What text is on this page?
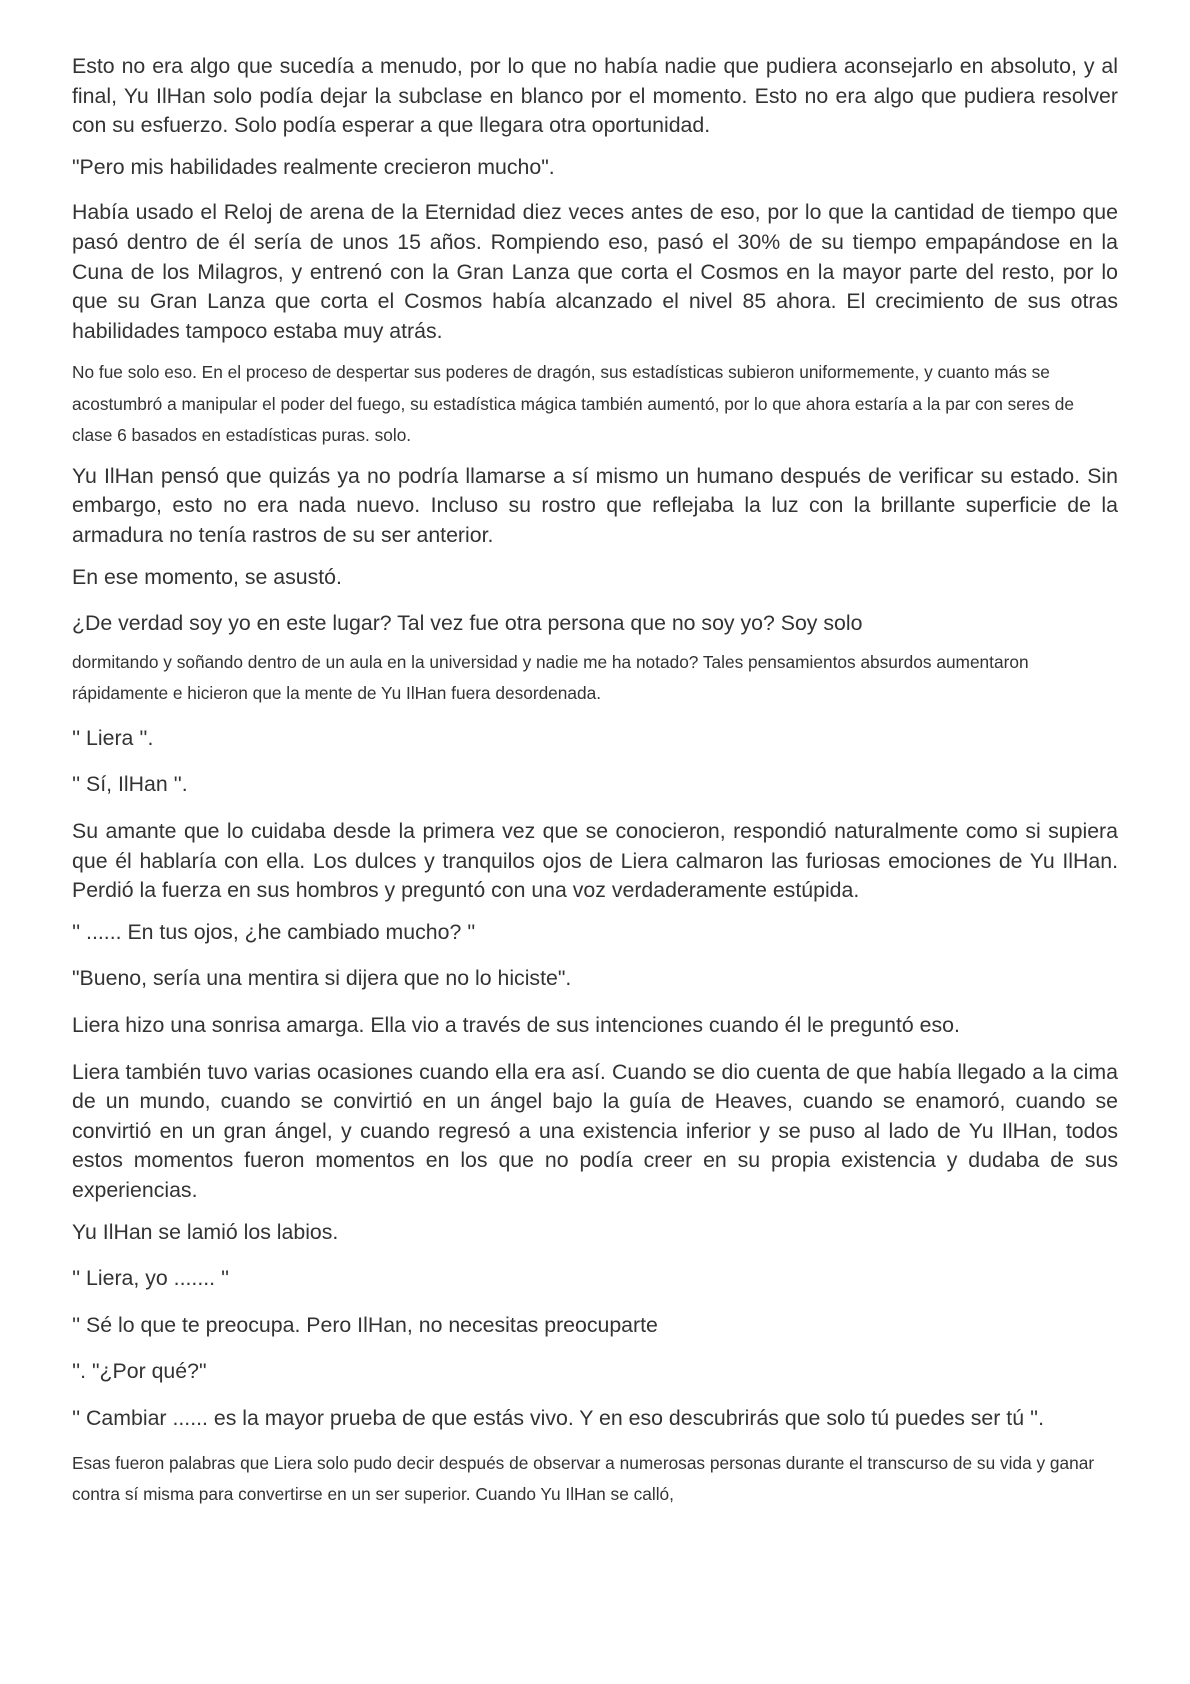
Esto no era algo que sucedía a menudo, por lo que no había nadie que pudiera aconsejarlo en absoluto, y al final, Yu IlHan solo podía dejar la subclase en blanco por el momento. Esto no era algo que pudiera resolver con su esfuerzo. Solo podía esperar a que llegara otra oportunidad.

"Pero mis habilidades realmente crecieron mucho".

Había usado el Reloj de arena de la Eternidad diez veces antes de eso, por lo que la cantidad de tiempo que pasó dentro de él sería de unos 15 años. Rompiendo eso, pasó el 30% de su tiempo empapándose en la Cuna de los Milagros, y entrenó con la Gran Lanza que corta el Cosmos en la mayor parte del resto, por lo que su Gran Lanza que corta el Cosmos había alcanzado el nivel 85 ahora. El crecimiento de sus otras habilidades tampoco estaba muy atrás.

No fue solo eso. En el proceso de despertar sus poderes de dragón, sus estadísticas subieron uniformemente, y cuanto más se acostumbró a manipular el poder del fuego, su estadística mágica también aumentó, por lo que ahora estaría a la par con seres de clase 6 basados en estadísticas puras. solo.

Yu IlHan pensó que quizás ya no podría llamarse a sí mismo un humano después de verificar su estado. Sin embargo, esto no era nada nuevo. Incluso su rostro que reflejaba la luz con la brillante superficie de la armadura no tenía rastros de su ser anterior.

En ese momento, se asustó.

¿De verdad soy yo en este lugar? Tal vez fue otra persona que no soy yo? Soy solo

dormitando y soñando dentro de un aula en la universidad y nadie me ha notado? Tales pensamientos absurdos aumentaron rápidamente e hicieron que la mente de Yu IlHan fuera desordenada.

'' Liera ''.

'' Sí, IlHan ''.

Su amante que lo cuidaba desde la primera vez que se conocieron, respondió naturalmente como si supiera que él hablaría con ella. Los dulces y tranquilos ojos de Liera calmaron las furiosas emociones de Yu IlHan. Perdió la fuerza en sus hombros y preguntó con una voz verdaderamente estúpida.

'' ...... En tus ojos, ¿he cambiado mucho? ''

"Bueno, sería una mentira si dijera que no lo hiciste".

Liera hizo una sonrisa amarga. Ella vio a través de sus intenciones cuando él le preguntó eso.

Liera también tuvo varias ocasiones cuando ella era así. Cuando se dio cuenta de que había llegado a la cima de un mundo, cuando se convirtió en un ángel bajo la guía de Heaves, cuando se enamoró, cuando se convirtió en un gran ángel, y cuando regresó a una existencia inferior y se puso al lado de Yu IlHan, todos estos momentos fueron momentos en los que no podía creer en su propia existencia y dudaba de sus experiencias.

Yu IlHan se lamió los labios.

'' Liera, yo ....... ''

'' Sé lo que te preocupa. Pero IlHan, no necesitas preocuparte

''. "¿Por qué?"

'' Cambiar ...... es la mayor prueba de que estás vivo. Y en eso descubrirás que solo tú puedes ser tú ''.

Esas fueron palabras que Liera solo pudo decir después de observar a numerosas personas durante el transcurso de su vida y ganar contra sí misma para convertirse en un ser superior. Cuando Yu IlHan se calló,
